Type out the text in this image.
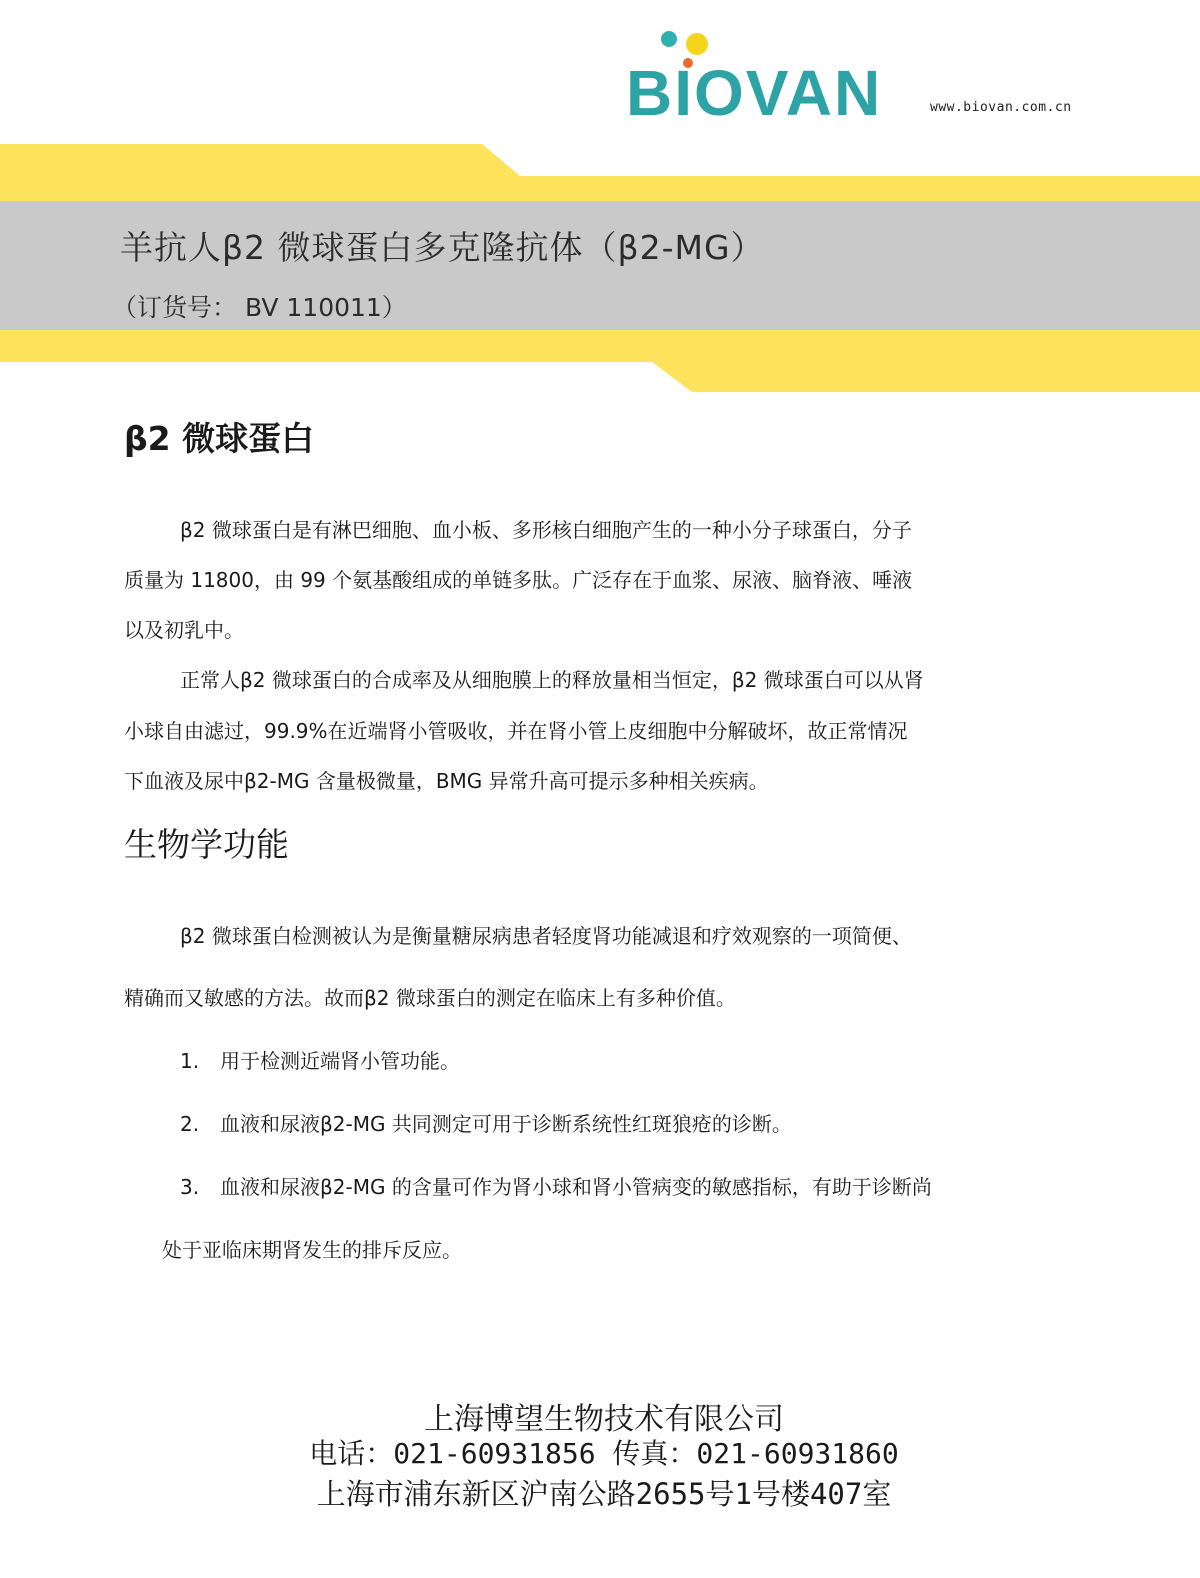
BIOVAN	www.biovan.com.cn
羊抗人β2 微球蛋白多克隆抗体（β2-MG）
（订货号： BV 110011）
β2 微球蛋白
β2 微球蛋白是有淋巴细胞、血小板、多形核白细胞产生的一种小分子球蛋白，分子
质量为 11800，由 99 个氨基酸组成的单链多肽。广泛存在于血浆、尿液、脑脊液、唾液
以及初乳中。
正常人β2 微球蛋白的合成率及从细胞膜上的释放量相当恒定，β2 微球蛋白可以从肾
小球自由滤过，99.9%在近端肾小管吸收，并在肾小管上皮细胞中分解破坏，故正常情况
下血液及尿中β2-MG 含量极微量，BMG 异常升高可提示多种相关疾病。
生物学功能
β2 微球蛋白检测被认为是衡量糖尿病患者轻度肾功能减退和疗效观察的一项简便、
精确而又敏感的方法。故而β2 微球蛋白的测定在临床上有多种价值。
1. 用于检测近端肾小管功能。
2. 血液和尿液β2-MG 共同测定可用于诊断系统性红斑狼疮的诊断。
3. 血液和尿液β2-MG 的含量可作为肾小球和肾小管病变的敏感指标，有助于诊断尚
处于亚临床期肾发生的排斥反应。
上海博望生物技术有限公司
电话：021-60931856 传真：021-60931860
上海市浦东新区沪南公路2655号1号楼407室
